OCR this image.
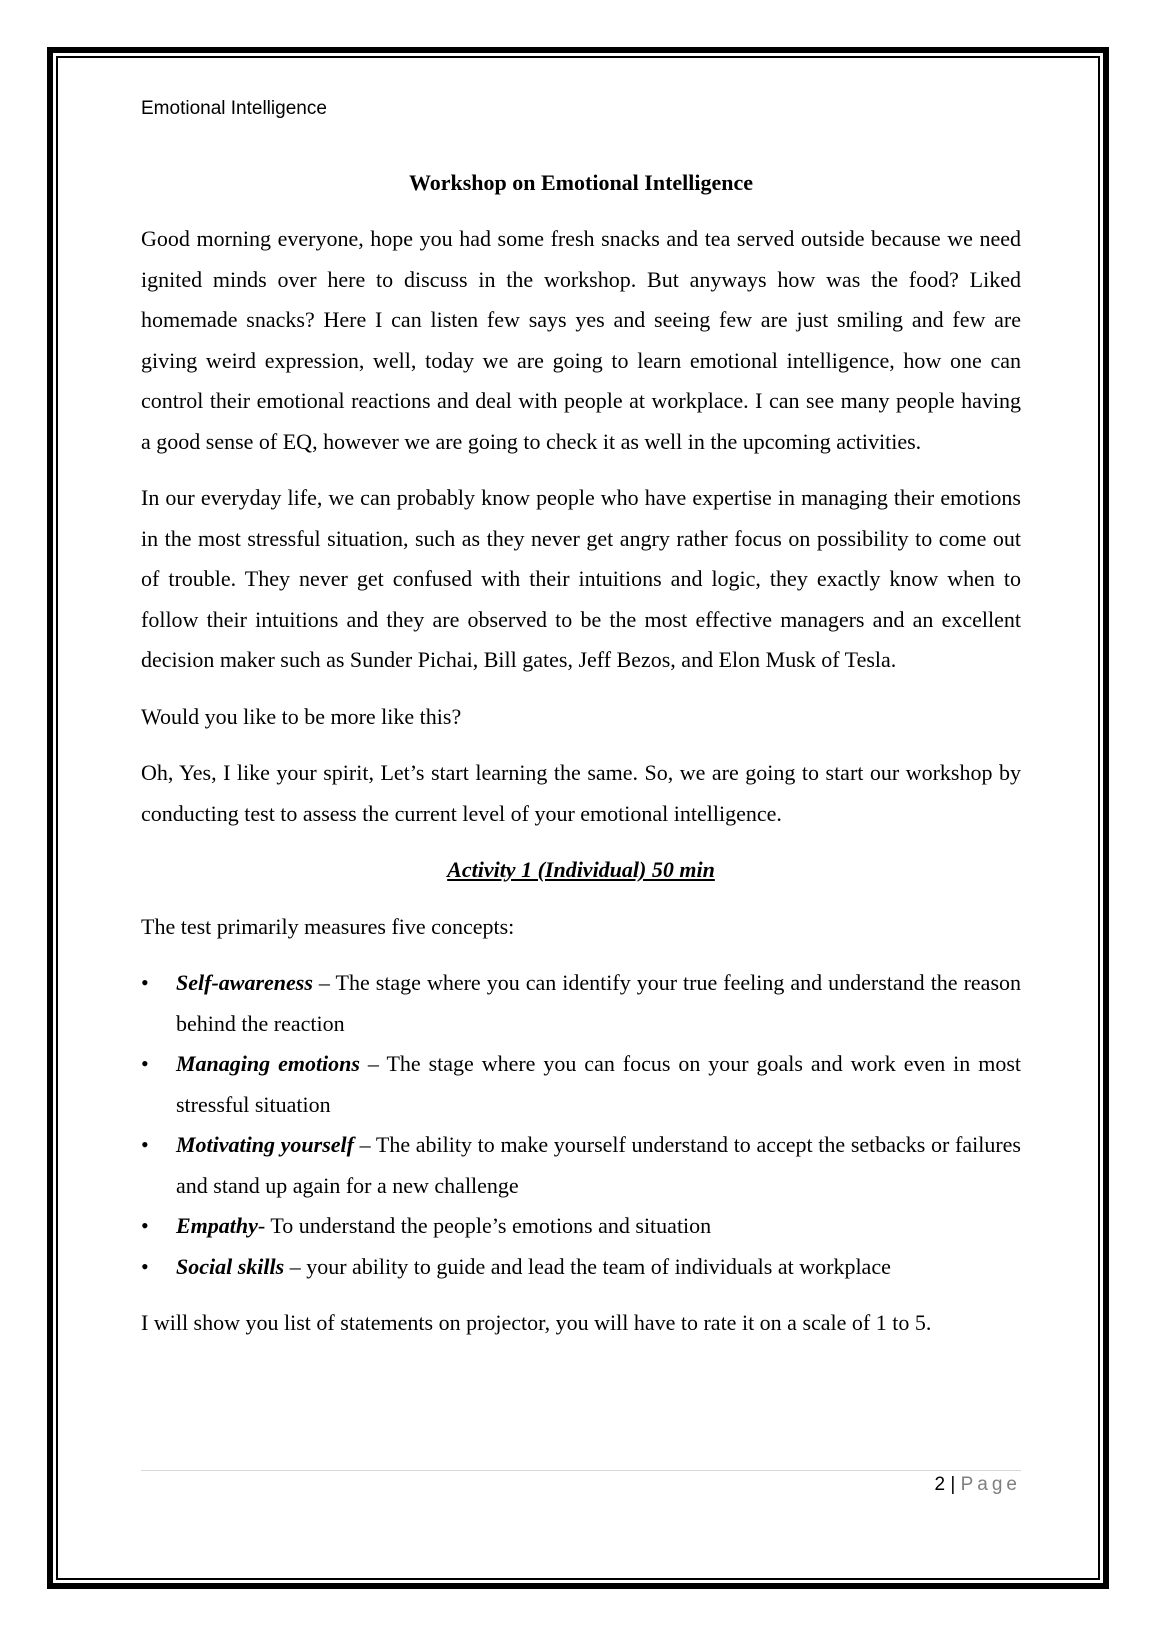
Emotional Intelligence
Workshop on Emotional Intelligence

Good morning everyone, hope you had some fresh snacks and tea served outside because we need ignited minds over here to discuss in the workshop. But anyways how was the food? Liked homemade snacks? Here I can listen few says yes and seeing few are just smiling and few are giving weird expression, well, today we are going to learn emotional intelligence, how one can control their emotional reactions and deal with people at workplace. I can see many people having a good sense of EQ, however we are going to check it as well in the upcoming activities.

In our everyday life, we can probably know people who have expertise in managing their emotions in the most stressful situation, such as they never get angry rather focus on possibility to come out of trouble. They never get confused with their intuitions and logic, they exactly know when to follow their intuitions and they are observed to be the most effective managers and an excellent decision maker such as Sunder Pichai, Bill gates, Jeff Bezos, and Elon Musk of Tesla.

Would you like to be more like this?

Oh, Yes, I like your spirit, Let’s start learning the same. So, we are going to start our workshop by conducting test to assess the current level of your emotional intelligence.

Activity 1 (Individual) 50 min

The test primarily measures five concepts:

• Self-awareness – The stage where you can identify your true feeling and understand the reason behind the reaction
• Managing emotions – The stage where you can focus on your goals and work even in most stressful situation
• Motivating yourself – The ability to make yourself understand to accept the setbacks or failures and stand up again for a new challenge
• Empathy- To understand the people’s emotions and situation
• Social skills – your ability to guide and lead the team of individuals at workplace

I will show you list of statements on projector, you will have to rate it on a scale of 1 to 5.

2 | Page
